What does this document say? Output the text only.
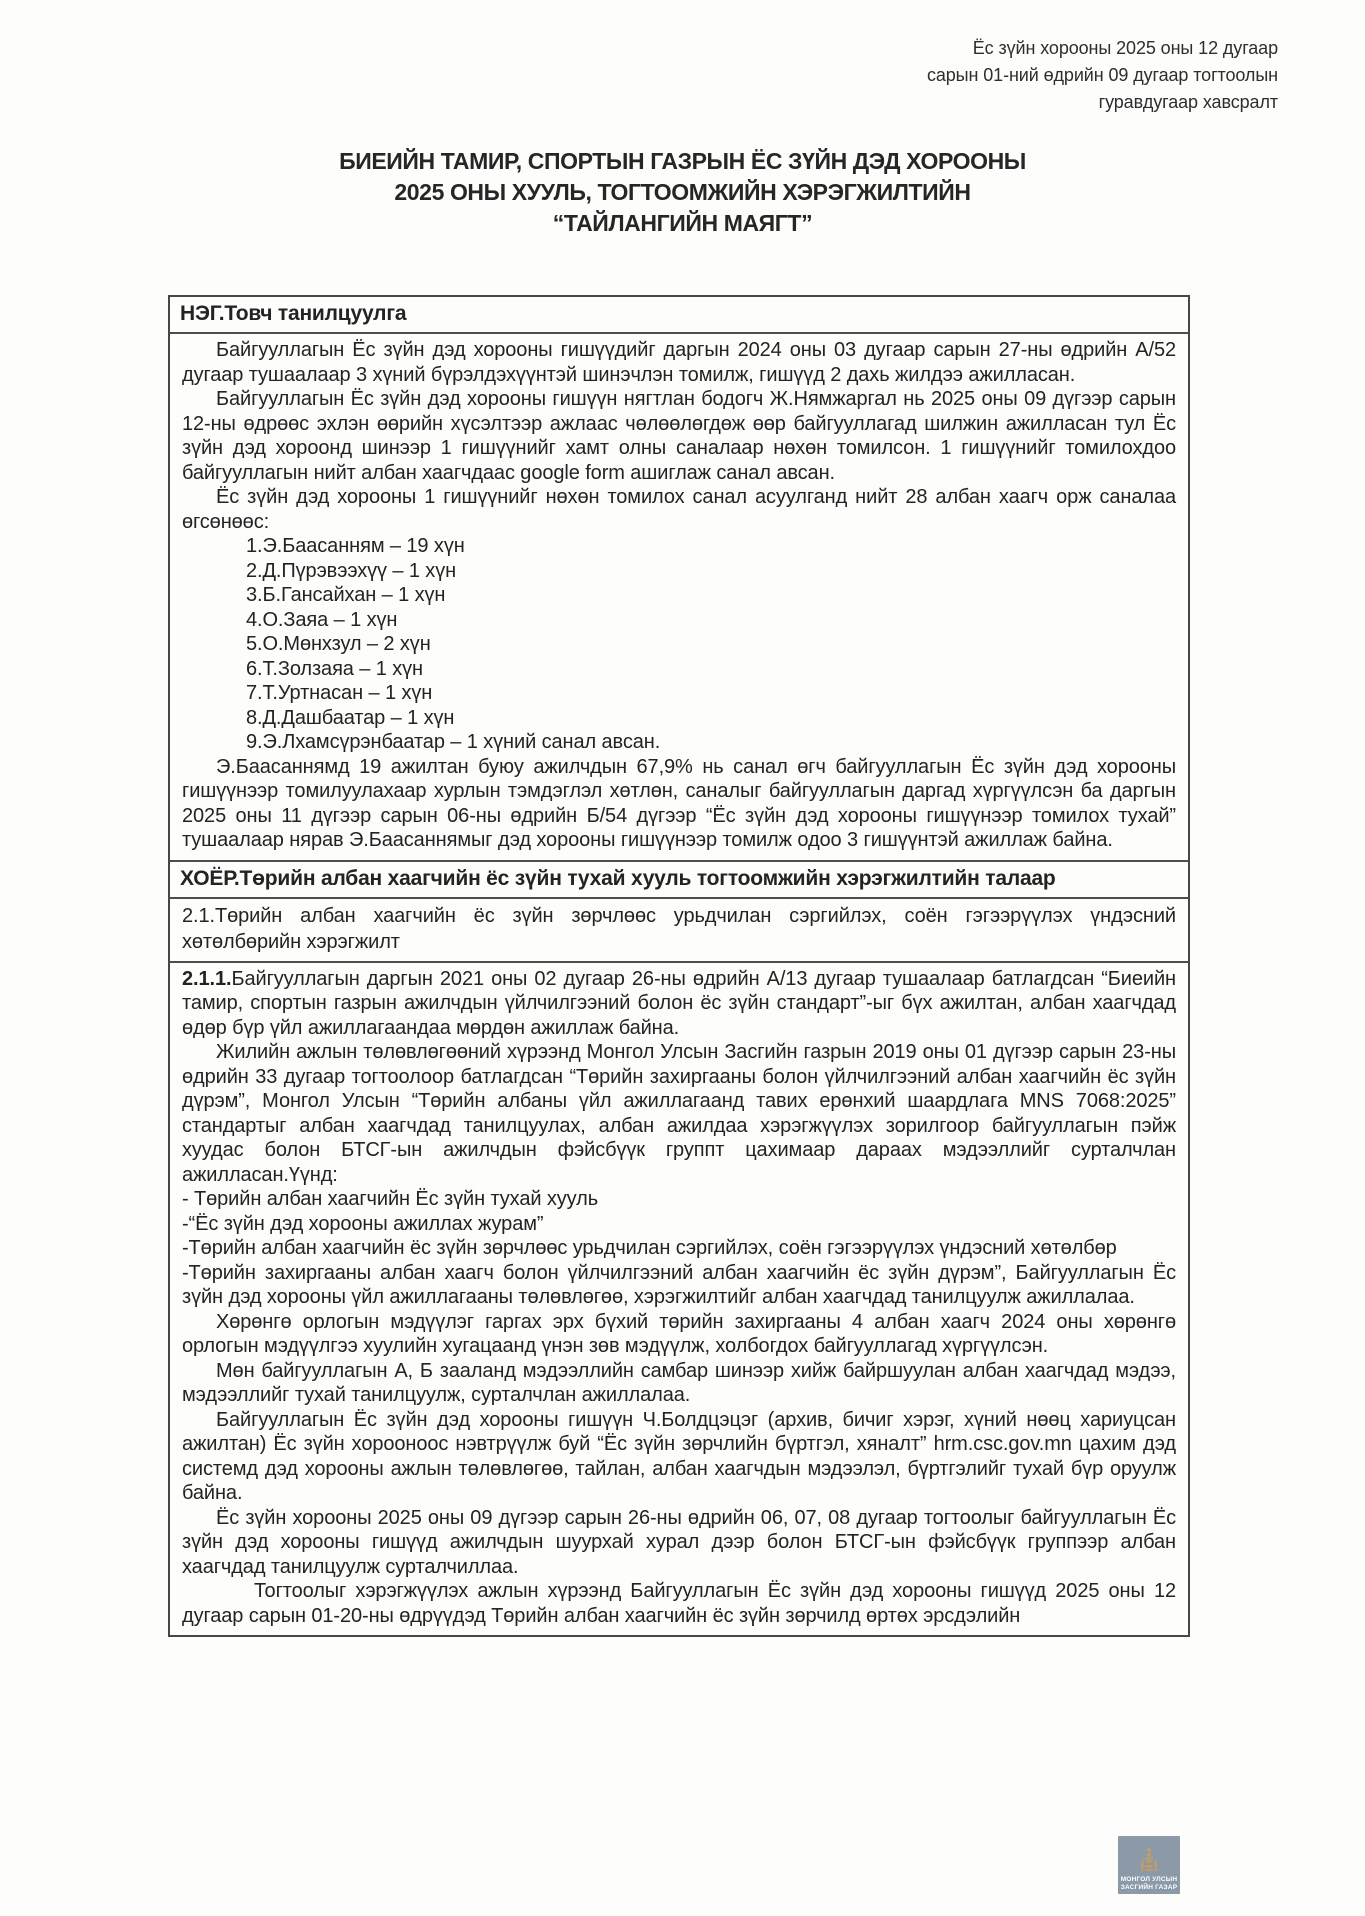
Ёс зүйн хорооны 2025 оны 12 дугаар
сарын 01-ний өдрийн 09 дугаар тогтоолын
гуравдугаар хавсралт
БИЕИЙН ТАМИР, СПОРТЫН ГАЗРЫН ЁС ЗҮЙН ДЭД ХОРООНЫ
2025 ОНЫ ХУУЛЬ, ТОГТООМЖИЙН ХЭРЭГЖИЛТИЙН
“ТАЙЛАНГИЙН МАЯГТ”
НЭГ.Товч танилцуулга

Байгууллагын Ёс зүйн дэд хорооны гишүүдийг даргын 2024 оны 03 дугаар сарын 27-ны өдрийн А/52 дугаар тушаалаар 3 хүний бүрэлдэхүүнтэй шинэчлэн томилж, гишүүд 2 дахь жилдээ ажилласан.

Байгууллагын Ёс зүйн дэд хорооны гишүүн нягтлан бодогч Ж.Нямжаргал нь 2025 оны 09 дүгээр сарын 12-ны өдрөөс эхлэн өөрийн хүсэлтээр ажлаас чөлөөлөгдөж өөр байгууллагад шилжин ажилласан тул Ёс зүйн дэд хороонд шинээр 1 гишүүнийг хамт олны саналаар нөхөн томилсон. 1 гишүүнийг томилохдоо байгууллагын нийт албан хаагчдаас google form ашиглаж санал авсан.

Ёс зүйн дэд хорооны 1 гишүүнийг нөхөн томилох санал асуулганд нийт 28 албан хаагч орж саналаа өгсөнөөс:

1.Э.Баасанням – 19 хүн
2.Д.Пүрэвээхүү – 1 хүн
3.Б.Гансайхан – 1 хүн
4.О.Заяа – 1 хүн
5.О.Мөнхзул – 2 хүн
6.Т.Золзаяа – 1 хүн
7.Т.Уртнасан – 1 хүн
8.Д.Дашбаатар – 1 хүн
9.Э.Лхамсүрэнбаатар – 1 хүний санал авсан.

Э.Баасаннямд 19 ажилтан буюу ажилчдын 67,9% нь санал өгч байгууллагын Ёс зүйн дэд хорооны гишүүнээр томилуулахаар хурлын тэмдэглэл хөтлөн, саналыг байгууллагын даргад хүргүүлсэн ба даргын 2025 оны 11 дүгээр сарын 06-ны өдрийн Б/54 дүгээр “Ёс зүйн дэд хорооны гишүүнээр томилох тухай” тушаалаар нярав Э.Баасаннямыг дэд хорооны гишүүнээр томилж одоо 3 гишүүнтэй ажиллаж байна.

ХОЁР.Төрийн албан хаагчийн ёс зүйн тухай хууль тогтоомжийн хэрэгжилтийн талаар
2.1.Төрийн албан хаагчийн ёс зүйн зөрчлөөс урьдчилан сэргийлэх, соён гэгээрүүлэх үндэсний хөтөлбөрийн хэрэгжилт

2.1.1.Байгууллагын даргын 2021 оны 02 дугаар 26-ны өдрийн А/13 дугаар тушаалаар батлагдсан “Биеийн тамир, спортын газрын ажилчдын үйлчилгээний болон ёс зүйн стандарт”-ыг бүх ажилтан, албан хаагчдад өдөр бүр үйл ажиллагаандаа мөрдөн ажиллаж байна.

Жилийн ажлын төлөвлөгөөний хүрээнд Монгол Улсын Засгийн газрын 2019 оны 01 дүгээр сарын 23-ны өдрийн 33 дугаар тогтоолоор батлагдсан “Төрийн захиргааны болон үйлчилгээний албан хаагчийн ёс зүйн дүрэм”, Монгол Улсын “Төрийн албаны үйл ажиллагаанд тавих ерөнхий шаардлага MNS 7068:2025” стандартыг албан хаагчдад танилцуулах, албан ажилдаа хэрэгжүүлэх зорилгоор байгууллагын пэйж хуудас болон БТСГ-ын ажилчдын фэйсбүүк группт цахимаар дараах мэдээллийг сурталчлан ажилласан.Үүнд:

- Төрийн албан хаагчийн Ёс зүйн тухай хууль

-“Ёс зүйн дэд хорооны ажиллах журам”

-Төрийн албан хаагчийн ёс зүйн зөрчлөөс урьдчилан сэргийлэх, соён гэгээрүүлэх үндэсний хөтөлбөр

-Төрийн захиргааны албан хаагч болон үйлчилгээний албан хаагчийн ёс зүйн дүрэм”, Байгууллагын Ёс зүйн дэд хорооны үйл ажиллагааны төлөвлөгөө, хэрэгжилтийг албан хаагчдад танилцуулж ажиллалаа.

Хөрөнгө орлогын мэдүүлэг гаргах эрх бүхий төрийн захиргааны 4 албан хаагч 2024 оны хөрөнгө орлогын мэдүүлгээ хуулийн хугацаанд үнэн зөв мэдүүлж, холбогдох байгууллагад хүргүүлсэн.

Мөн байгууллагын А, Б зааланд мэдээллийн самбар шинээр хийж байршуулан албан хаагчдад мэдээ, мэдээллийг тухай танилцуулж, сурталчлан ажиллалаа.

Байгууллагын Ёс зүйн дэд хорооны гишүүн Ч.Болдцэцэг (архив, бичиг хэрэг, хүний нөөц хариуцсан ажилтан) Ёс зүйн хорооноос нэвтрүүлж буй “Ёс зүйн зөрчлийн бүртгэл, хяналт” hrm.csc.gov.mn цахим дэд системд дэд хорооны ажлын төлөвлөгөө, тайлан, албан хаагчдын мэдээлэл, бүртгэлийг тухай бүр оруулж байна.

Ёс зүйн хорооны 2025 оны 09 дүгээр сарын 26-ны өдрийн 06, 07, 08 дугаар тогтоолыг байгууллагын Ёс зүйн дэд хорооны гишүүд ажилчдын шуурхай хурал дээр болон БТСГ-ын фэйсбүүк группээр албан хаагчдад танилцуулж сурталчиллаа.

Тогтоолыг хэрэгжүүлэх ажлын хүрээнд Байгууллагын Ёс зүйн дэд хорооны гишүүд 2025 оны 12 дугаар сарын 01-20-ны өдрүүдэд Төрийн албан хаагчийн ёс зүйн зөрчилд өртөх эрсдэлийн

МОНГОЛ УЛСЫН
ЗАСГИЙН ГАЗАР
